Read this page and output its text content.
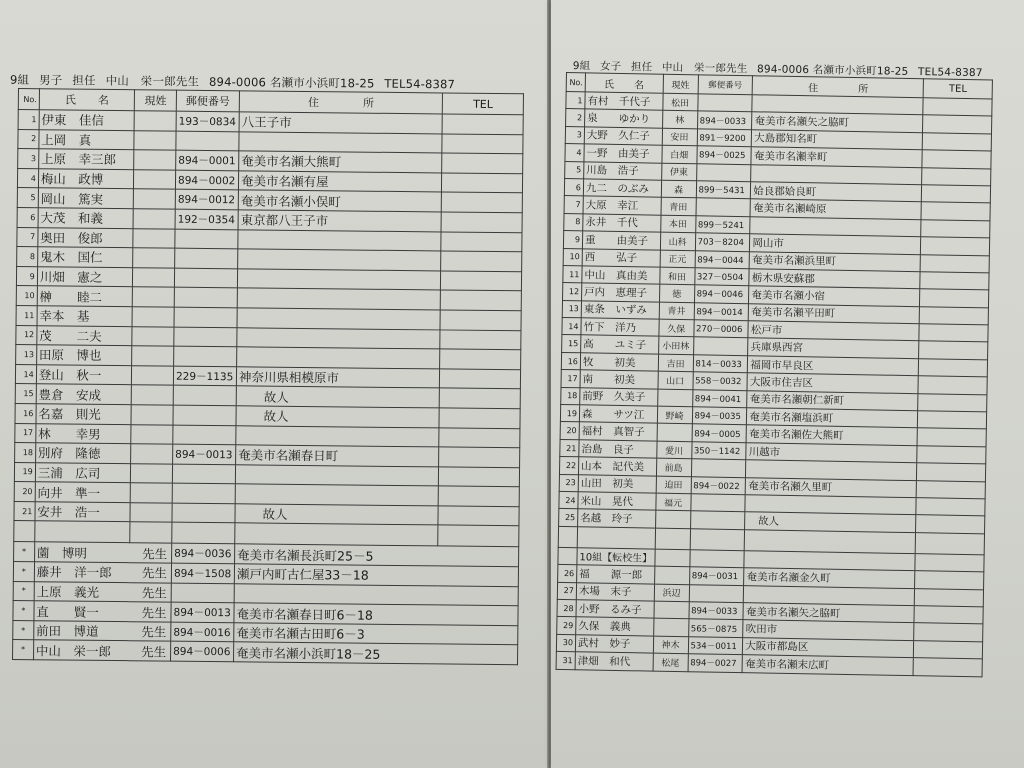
9組 男子 担任 中山　栄一郎先生 894-0006 名瀬市小浜町18-25 TEL54-8387
No.	氏　　名	現姓	郵便番号	住　　　　所	TEL
1	伊東　佳信		193－0834	八王子市	
2	上岡　真				
3	上原　幸三郎		894－0001	奄美市名瀬大熊町	
4	梅山　政博		894－0002	奄美市名瀬有屋	
5	岡山　篤実		894－0012	奄美市名瀬小俣町	
6	大茂　和義		192－0354	東京都八王子市	
7	奥田　俊郎				
8	鬼木　国仁				
9	川畑　憲之				
10	榊　　睦二				
11	幸本　基				
12	茂　　二夫				
13	田原　博也				
14	登山　秋一		229－1135	神奈川県相模原市	
15	豊倉　安成			　　故人	
16	名嘉　則光			　　故人	
17	林　　幸男				
18	別府　隆徳		894－0013	奄美市名瀬春日町	
19	三浦　広司				
20	向井　準一				
21	安井　浩一			　　故人	

*	薗　博明 先生		894－0036	奄美市名瀬長浜町25－5	
*	藤井　洋一郎 先生		894－1508	瀬戸内町古仁屋33－18	
*	上原　義光 先生				

*	直　　賢一 先生		894－0013	奄美市名瀬春日町6－18	
*	前田　博道 先生		894－0016	奄美市名瀬古田町6－3	
*	中山　栄一郎 先生		894－0006	奄美市名瀬小浜町18－25	
9組 女子 担任 中山　栄一郎先生 894-0006 名瀬市小浜町18-25 TEL54-8387
No.	氏　　名	現姓	郵便番号	住　　　　所	TEL
1	有村　千代子	松田			
2	泉　　ゆかり	林	894－0033	奄美市名瀬矢之脇町	
3	大野　久仁子	安田	891－9200	大島郡知名町	
4	一野　由美子	白畑	894－0025	奄美市名瀬幸町	
5	川島　浩子	伊東			
6	九二　のぶみ	森	899－5431	姶良郡姶良町	
7	大原　幸江	青田		奄美市名瀬崎原	
8	永井　千代	本田	899－5241		
9	重　　由美子	山科	703－8204	岡山市	
10	西　　弘子	正元	894－0044	奄美市名瀬浜里町	
11	中山　真由美	和田	327－0504	栃木県安蘇郡	
12	戸内　恵理子	徳	894－0046	奄美市名瀬小宿	
13	東条　いずみ	青井	894－0014	奄美市名瀬平田町	
14	竹下　洋乃	久保	270－0006	松戸市	
15	高　　ユミ子	小田林		兵庫県西宮	
16	牧　　初美	吉田	814－0033	福岡市早良区	
17	南　　初美	山口	558－0032	大阪市住吉区	
18	前野　久美子		894－0041	奄美市名瀬朝仁新町	
19	森　　サツ江	野崎	894－0035	奄美市名瀬塩浜町	
20	福村　真智子		894－0005	奄美市名瀬佐大熊町	
21	治島　良子	愛川	350－1142	川越市	
22	山本　記代美	前島			
23	山田　初美	迫田	894－0022	奄美市名瀬久里町	
24	米山　晃代	福元			
25	名越　玲子			　故人	

	10組【転校生】				
26	福　　源一郎		894－0031	奄美市名瀬金久町	
27	木場　末子	浜辺			
28	小野　るみ子		894－0033	奄美市名瀬矢之脇町	
29	久保　義典		565－0875	吹田市	
30	武村　妙子	神木	534－0011	大阪市都島区	
31	津畑　和代	松尾	894－0027	奄美市名瀬末広町	
